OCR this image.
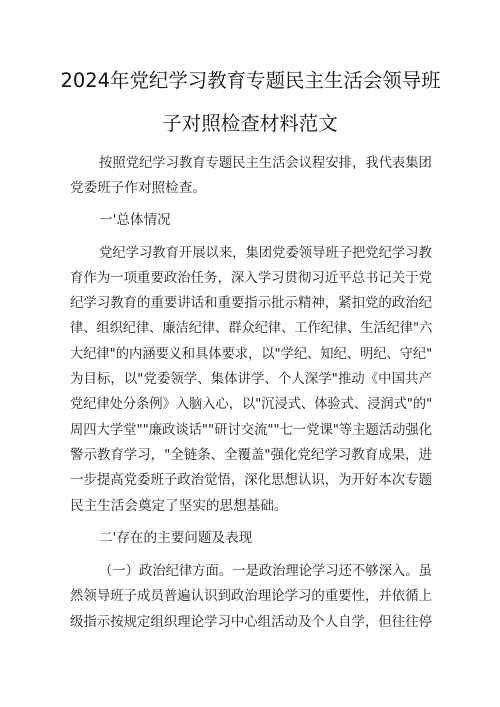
2024年党纪学习教育专题民主生活会领导班
子对照检查材料范文
按照党纪学习教育专题民主生活会议程安排，我代表集团
党委班子作对照检查。
一'总体情况
党纪学习教育开展以来，集团党委领导班子把党纪学习教
育作为一项重要政治任务，深入学习贯彻习近平总书记关于党
纪学习教育的重要讲话和重要指示批示精神，紧扣党的政治纪
律、组织纪律、廉洁纪律、群众纪律、工作纪律、生活纪律"六
大纪律"的内涵要义和具体要求，以"学纪、知纪、明纪、守纪"
为目标，以"党委领学、集体讲学、个人深学"推动《中国共产
党纪律处分条例》入脑入心，以"沉浸式、体验式、浸润式"的"
周四大学堂""廉政谈话""研讨交流""七一党课"等主题活动强化
警示教育学习，"全链条、全覆盖"强化党纪学习教育成果，进
一步提高党委班子政治觉悟，深化思想认识，为开好本次专题
民主生活会奠定了坚实的思想基础。
二'存在的主要问题及表现
（一）政治纪律方面。一是政治理论学习还不够深入。虽
然领导班子成员普遍认识到政治理论学习的重要性，并依循上
级指示按规定组织理论学习中心组活动及个人自学，但往往停
